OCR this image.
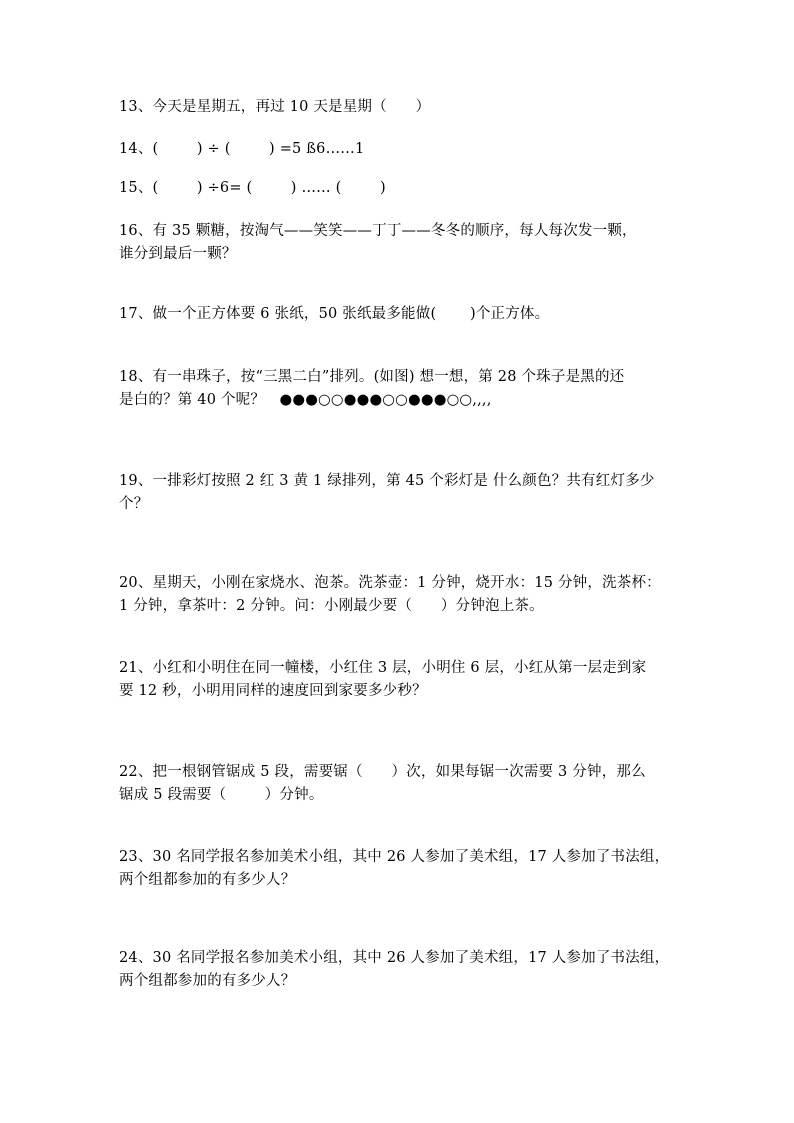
13、今天是星期五，再过 10 天是星期（      ）

14、(        ) ÷ (        ) =5 ß6……1

15、(        ) ÷6= (        ) …… (        )

16、有 35 颗糖，按淘气——笑笑——丁丁——冬冬的顺序，每人每次发一颗，
谁分到最后一颗？

17、做一个正方体要 6 张纸，50 张纸最多能做(       )个正方体。

18、有一串珠子，按“三黑二白”排列。(如图) 想一想，第 28 个珠子是黑的还
是白的？第 40 个呢？   ●●●○○●●●○○●●●○○,,,,

19、一排彩灯按照 2 红 3 黄 1 绿排列，第 45 个彩灯是 什么颜色？共有红灯多少
个？

20、星期天，小刚在家烧水、泡茶。洗茶壶：1 分钟，烧开水：15 分钟，洗茶杯：
1 分钟，拿茶叶：2 分钟。问：小刚最少要（      ）分钟泡上茶。

21、小红和小明住在同一幢楼，小红住 3 层，小明住 6 层，小红从第一层走到家
要 12 秒，小明用同样的速度回到家要多少秒？

22、把一根钢管锯成 5 段，需要锯（      ）次，如果每锯一次需要 3 分钟，那么
锯成 5 段需要（        ）分钟。

23、30 名同学报名参加美术小组，其中 26 人参加了美术组，17 人参加了书法组，
两个组都参加的有多少人？

24、30 名同学报名参加美术小组，其中 26 人参加了美术组，17 人参加了书法组，
两个组都参加的有多少人？
